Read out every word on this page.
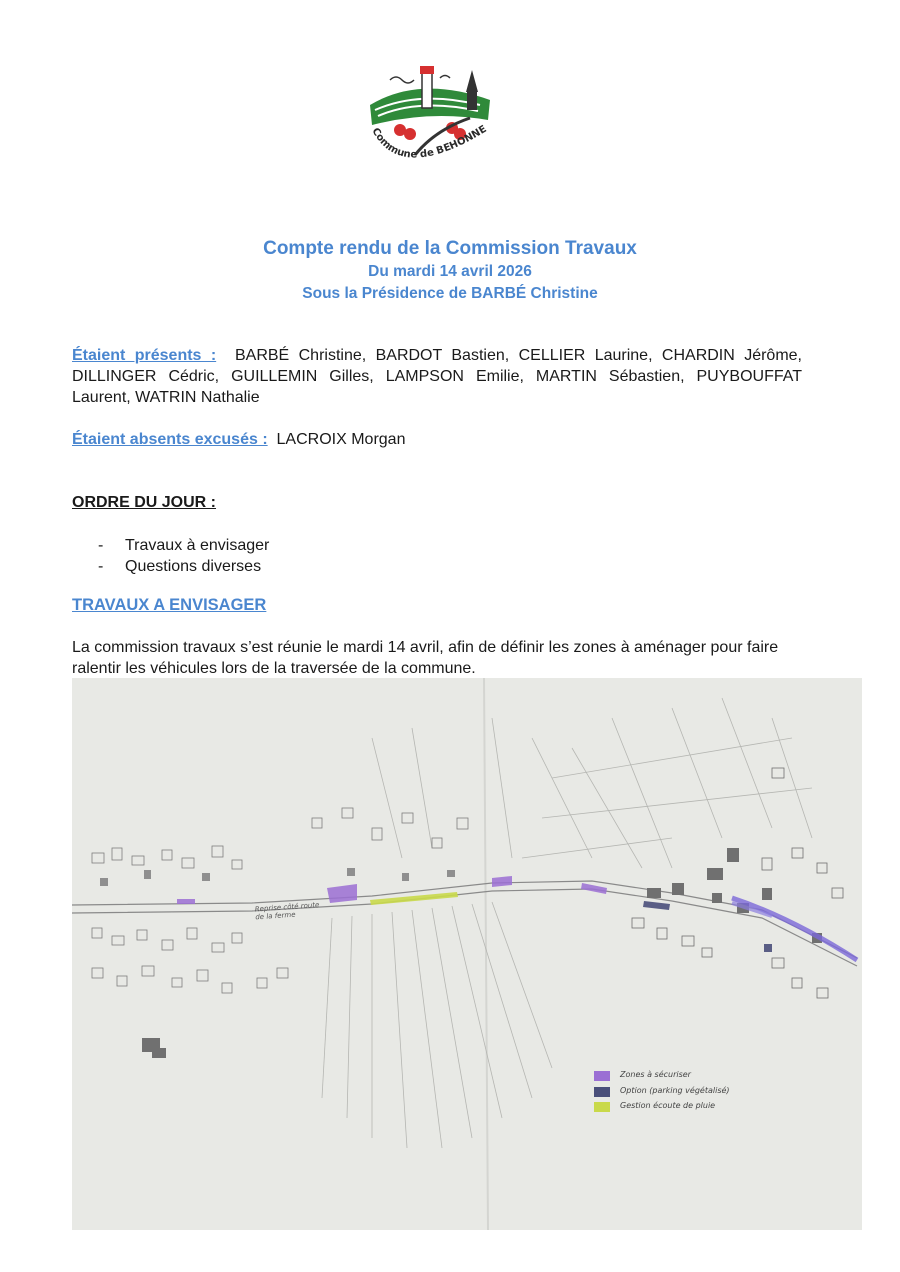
Commune de BEHONNE
Compte rendu de la Commission Travaux
Du mardi 14 avril 2026
Sous la Présidence de BARBÉ Christine
Étaient présents : BARBÉ Christine, BARDOT Bastien, CELLIER Laurine, CHARDIN Jérôme, DILLINGER Cédric, GUILLEMIN Gilles, LAMPSON Emilie, MARTIN Sébastien, PUYBOUFFAT Laurent, WATRIN Nathalie
Étaient absents excusés : LACROIX Morgan
ORDRE DU JOUR :
- Travaux à envisager
- Questions diverses
TRAVAUX A ENVISAGER
La commission travaux s’est réunie le mardi 14 avril, afin de définir les zones à aménager pour faire ralentir les véhicules lors de la traversée de la commune.
Reprise côté route de la ferme
Zones à sécuriser
Option (parking végétalisé)
Gestion écoute de pluie
